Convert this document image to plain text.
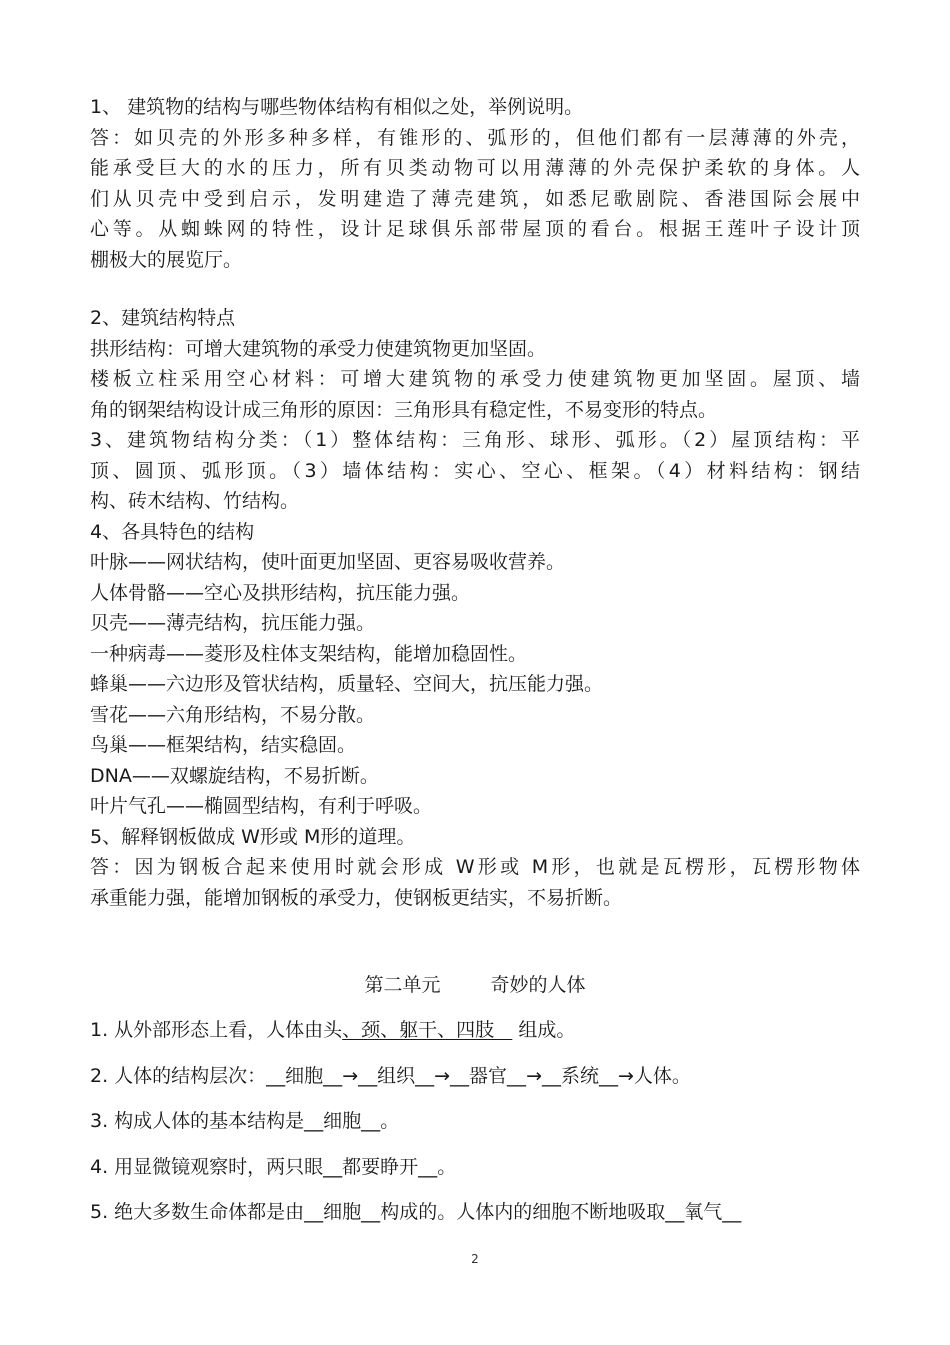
1、 建筑物的结构与哪些物体结构有相似之处，举例说明。
答：如贝壳的外形多种多样，有锥形的、弧形的，但他们都有一层薄薄的外壳，
能承受巨大的水的压力，所有贝类动物可以用薄薄的外壳保护柔软的身体。人
们从贝壳中受到启示，发明建造了薄壳建筑，如悉尼歌剧院、香港国际会展中
心等。从蜘蛛网的特性，设计足球俱乐部带屋顶的看台。根据王莲叶子设计顶
棚极大的展览厅。
2、建筑结构特点
拱形结构：可增大建筑物的承受力使建筑物更加坚固。
楼板立柱采用空心材料：可增大建筑物的承受力使建筑物更加坚固。屋顶、墙
角的钢架结构设计成三角形的原因：三角形具有稳定性，不易变形的特点。
3、建筑物结构分类：（1）整体结构：三角形、球形、弧形。（2）屋顶结构：平
顶、圆顶、弧形顶。（3）墙体结构：实心、空心、框架。（4）材料结构：钢结
构、砖木结构、竹结构。
4、各具特色的结构
叶脉——网状结构，使叶面更加坚固、更容易吸收营养。
人体骨骼——空心及拱形结构，抗压能力强。
贝壳——薄壳结构，抗压能力强。
一种病毒——菱形及柱体支架结构，能增加稳固性。
蜂巢——六边形及管状结构，质量轻、空间大，抗压能力强。
雪花——六角形结构，不易分散。
鸟巢——框架结构，结实稳固。
DNA——双螺旋结构，不易折断。
叶片气孔——椭圆型结构，有利于呼吸。
5、解释钢板做成 W形或 M形的道理。
答：因为钢板合起来使用时就会形成 W形或 M形，也就是瓦楞形，瓦楞形物体
承重能力强，能增加钢板的承受力，使钢板更结实，不易折断。
第二单元	奇妙的人体
1. 从外部形态上看，人体由头、颈、躯干、四肢    组成。
2. 人体的结构层次：__细胞__→__组织__→__器官__→__系统__→人体。
3. 构成人体的基本结构是__细胞__。
4. 用显微镜观察时，两只眼__都要睁开__。
5. 绝大多数生命体都是由__细胞__构成的。人体内的细胞不断地吸取__氧气__
2
